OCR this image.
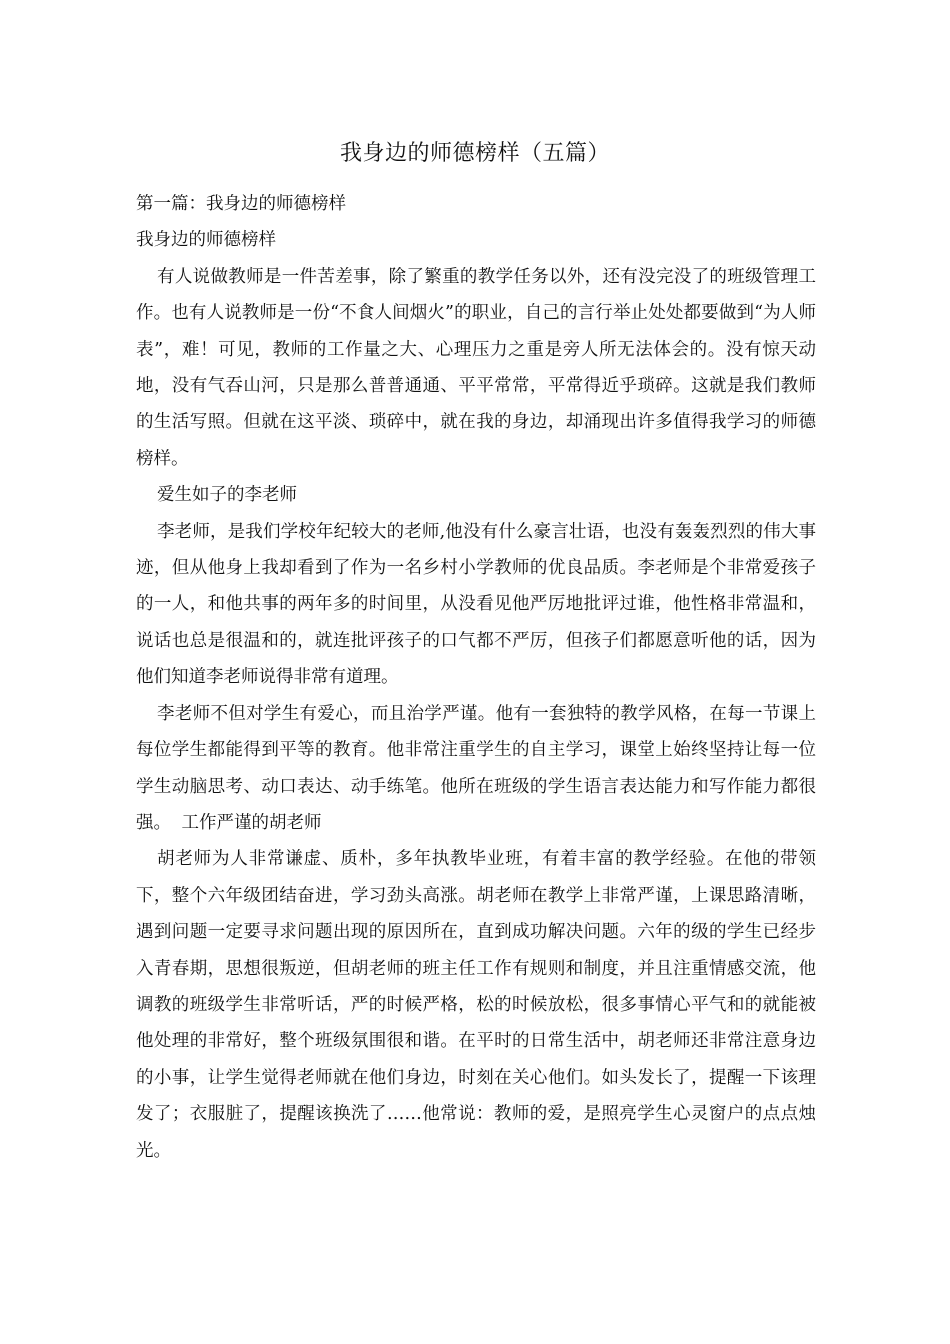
我身边的师德榜样（五篇）

第一篇：我身边的师德榜样

我身边的师德榜样

有人说做教师是一件苦差事，除了繁重的教学任务以外，还有没完没了的班级管理工作。也有人说教师是一份“不食人间烟火”的职业，自己的言行举止处处都要做到“为人师表”，难！可见，教师的工作量之大、心理压力之重是旁人所无法体会的。没有惊天动地，没有气吞山河，只是那么普普通通、平平常常，平常得近乎琐碎。这就是我们教师的生活写照。但就在这平淡、琐碎中，就在我的身边，却涌现出许多值得我学习的师德榜样。

爱生如子的李老师

李老师，是我们学校年纪较大的老师,他没有什么豪言壮语，也没有轰轰烈烈的伟大事迹，但从他身上我却看到了作为一名乡村小学教师的优良品质。李老师是个非常爱孩子的一人，和他共事的两年多的时间里，从没看见他严厉地批评过谁，他性格非常温和，说话也总是很温和的，就连批评孩子的口气都不严厉，但孩子们都愿意听他的话，因为他们知道李老师说得非常有道理。

李老师不但对学生有爱心，而且治学严谨。他有一套独特的教学风格，在每一节课上每位学生都能得到平等的教育。他非常注重学生的自主学习，课堂上始终坚持让每一位学生动脑思考、动口表达、动手练笔。他所在班级的学生语言表达能力和写作能力都很强。 工作严谨的胡老师

胡老师为人非常谦虚、质朴，多年执教毕业班，有着丰富的教学经验。在他的带领下，整个六年级团结奋进，学习劲头高涨。胡老师在教学上非常严谨，上课思路清晰，遇到问题一定要寻求问题出现的原因所在，直到成功解决问题。六年的级的学生已经步入青春期，思想很叛逆，但胡老师的班主任工作有规则和制度，并且注重情感交流，他调教的班级学生非常听话，严的时候严格，松的时候放松，很多事情心平气和的就能被他处理的非常好，整个班级氛围很和谐。在平时的日常生活中，胡老师还非常注意身边的小事，让学生觉得老师就在他们身边，时刻在关心他们。如头发长了，提醒一下该理发了；衣服脏了，提醒该换洗了……他常说：教师的爱，是照亮学生心灵窗户的点点烛光。
